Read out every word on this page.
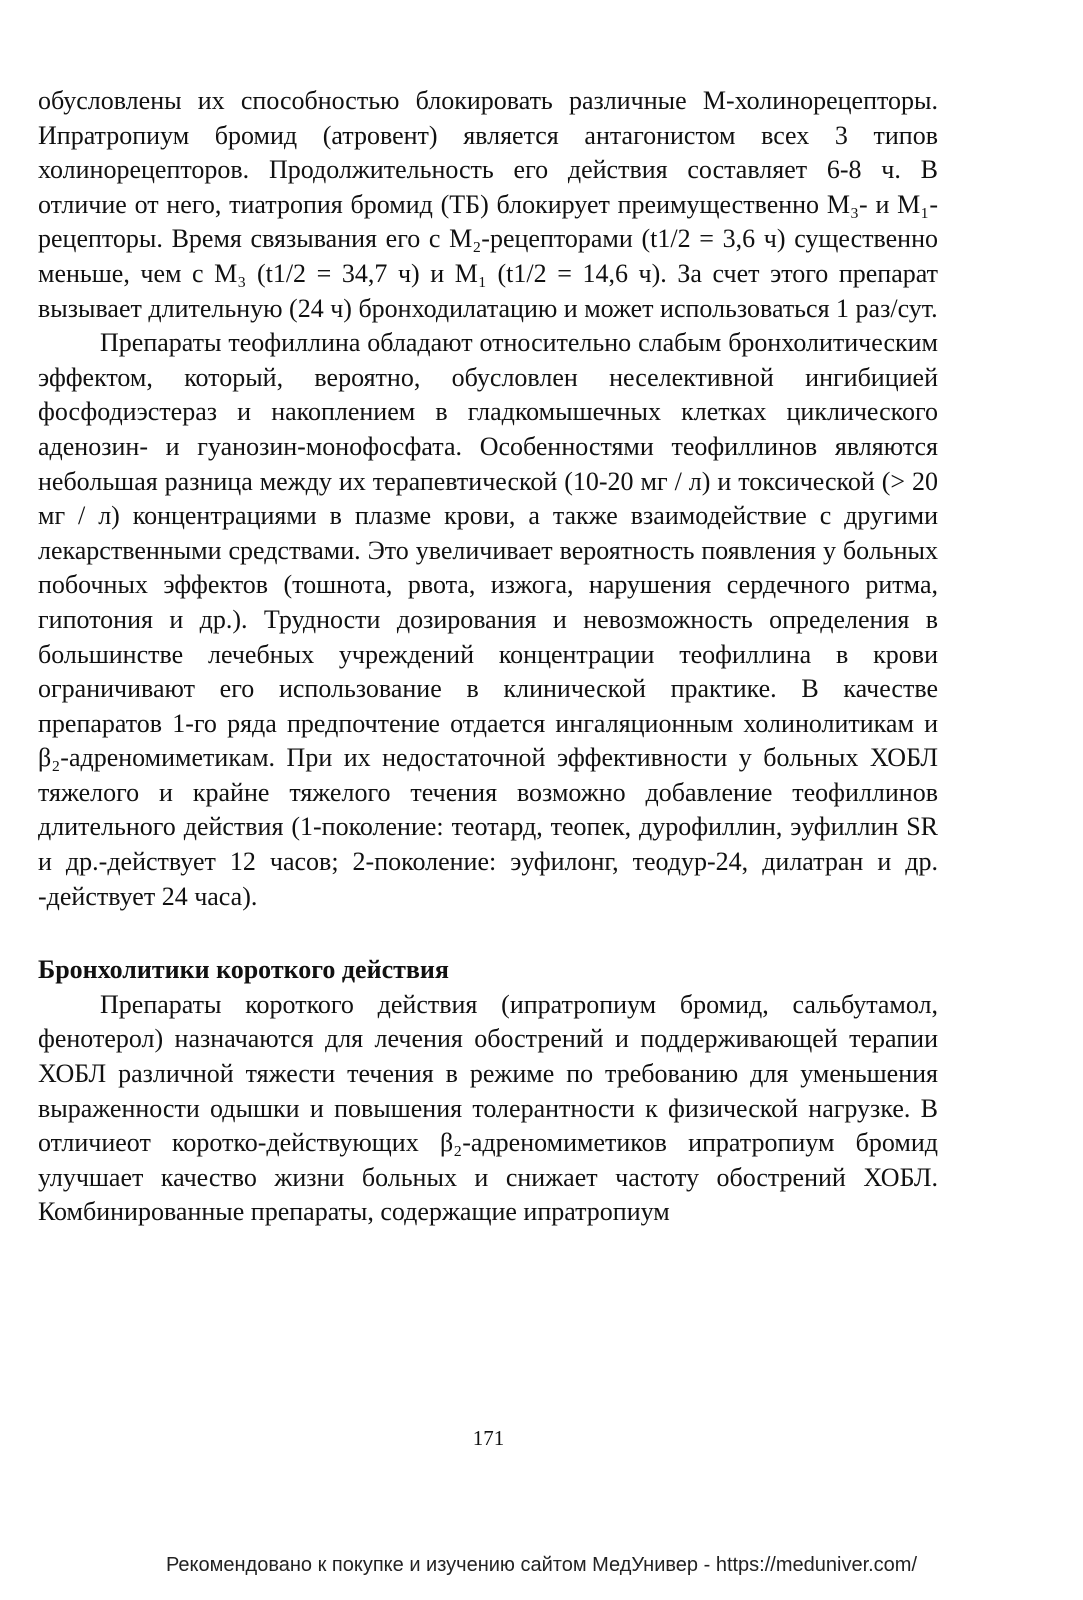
обусловлены их способностью блокировать различные М-холинорецепторы. Ипратропиум бромид (атровент) является антагонистом всех 3 типов холинорецепторов. Продолжительность его действия составляет 6-8 ч. В отличие от него, тиатропия бромид (ТБ) блокирует преимущественно М₃- и М₁-рецепторы. Время связывания его с М₂-рецепторами (t1/2 = 3,6 ч) существенно меньше, чем с М₃ (t1/2 = 34,7 ч) и М₁ (t1/2 = 14,6 ч). За счет этого препарат вызывает длительную (24 ч) бронходилатацию и может использоваться 1 раз/сут.

Препараты теофиллина обладают относительно слабым бронхолитическим эффектом, который, вероятно, обусловлен неселективной ингибицией фосфодиэстераз и накоплением в гладкомышечных клетках циклического аденозин- и гуанозин-монофосфата. Особенностями теофиллинов являются небольшая разница между их терапевтической (10-20 мг / л) и токсической (> 20 мг / л) концентрациями в плазме крови, а также взаимодействие с другими лекарственными средствами. Это увеличивает вероятность появления у больных побочных эффектов (тошнота, рвота, изжога, нарушения сердечного ритма, гипотония и др.). Трудности дозирования и невозможность определения в большинстве лечебных учреждений концентрации теофиллина в крови ограничивают его использование в клинической практике. В качестве препаратов 1-го ряда предпочтение отдается ингаляционным холинолитикам и β₂-адреномиметикам. При их недостаточной эффективности у больных ХОБЛ тяжелого и крайне тяжелого течения возможно добавление теофиллинов длительного действия (1-поколение: теотард, теопек, дурофиллин, эуфиллин SR и др.-действует 12 часов; 2-поколение: эуфилонг, теодур-24, дилатран и др. -действует 24 часа).

Бронхолитики короткого действия

Препараты короткого действия (ипратропиум бромид, сальбутамол, фенотерол) назначаются для лечения обострений и поддерживающей терапии ХОБЛ различной тяжести течения в режиме по требованию для уменьшения выраженности одышки и повышения толерантности к физической нагрузке. В отличиеот коротко-действующих β₂-адреномиметиков ипратропиум бромид улучшает качество жизни больных и снижает частоту обострений ХОБЛ. Комбинированные препараты, содержащие ипратропиум

171
Рекомендовано к покупке и изучению сайтом МедУнивер - https://meduniver.com/
